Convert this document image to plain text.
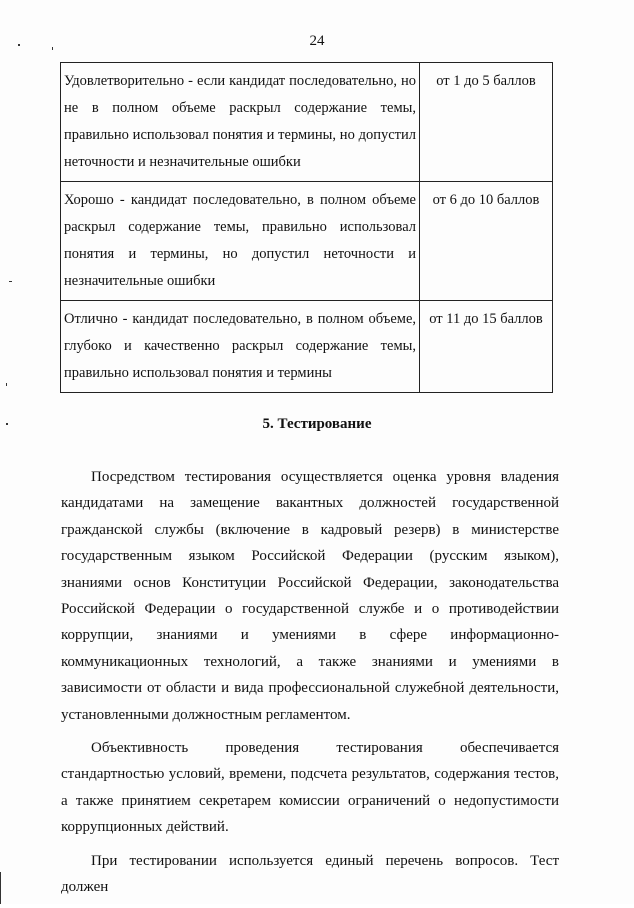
24
Удовлетворительно - если кандидат последовательно, но не в полном объеме раскрыл содержание темы, правильно использовал понятия и термины, но допустил неточности и незначительные ошибки	от 1 до 5 баллов
Хорошо - кандидат последовательно, в полном объеме раскрыл содержание темы, правильно использовал понятия и термины, но допустил неточности и незначительные ошибки	от 6 до 10 баллов
Отлично - кандидат последовательно, в полном объеме, глубоко и качественно раскрыл содержание темы, правильно использовал понятия и термины	от 11 до 15 баллов
5. Тестирование

Посредством тестирования осуществляется оценка уровня владения кандидатами на замещение вакантных должностей государственной гражданской службы (включение в кадровый резерв) в министерстве государственным языком Российской Федерации (русским языком), знаниями основ Конституции Российской Федерации, законодательства Российской Федерации о государственной службе и о противодействии коррупции, знаниями и умениями в сфере информационно-коммуникационных технологий, а также знаниями и умениями в зависимости от области и вида профессиональной служебной деятельности, установленными должностным регламентом.

Объективность проведения тестирования обеспечивается стандартностью условий, времени, подсчета результатов, содержания тестов, а также принятием секретарем комиссии ограничений о недопустимости коррупционных действий.

При тестировании используется единый перечень вопросов. Тест должен
